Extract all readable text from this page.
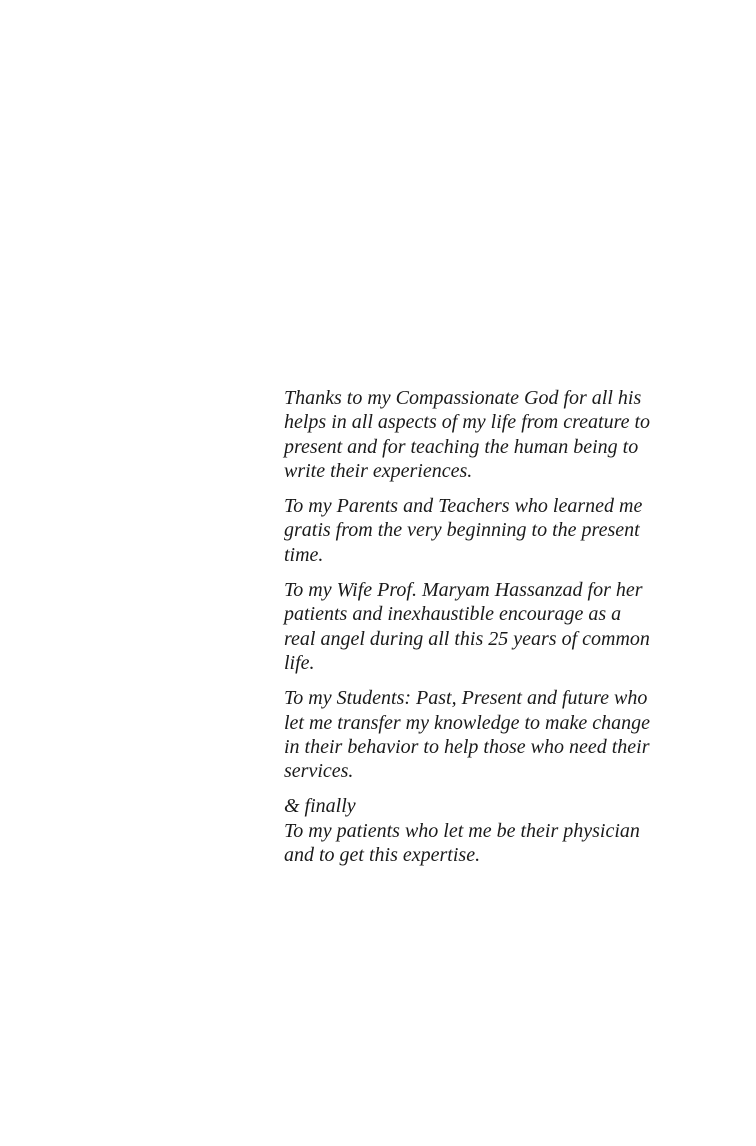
Thanks to my Compassionate God for all his
helps in all aspects of my life from creature to
present and for teaching the human being to
write their experiences.

To my Parents and Teachers who learned me
gratis from the very beginning to the present
time.

To my Wife Prof. Maryam Hassanzad for her
patients and inexhaustible encourage as a
real angel during all this 25 years of common
life.

To my Students: Past, Present and future who
let me transfer my knowledge to make change
in their behavior to help those who need their
services.

& finally
To my patients who let me be their physician
and to get this expertise.
